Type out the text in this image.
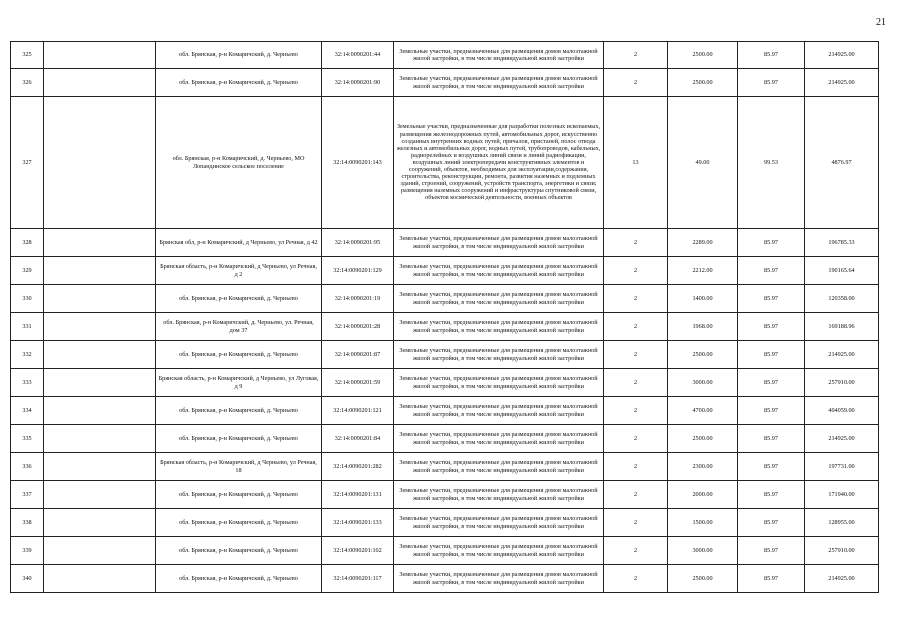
21
325		обл. Брянская, р-н Комаричский, д. Черньево	32:14:0090201:44	Земельные участки, предназначенные для размещения домов малоэтажной жилой застройки, в том числе индивидуальной жилой застройки	2	2500.00	85.97	214925.00
326		обл. Брянская, р-н Комаричский, д. Черньево	32:14:0090201:90	Земельные участки, предназначенные для размещения домов малоэтажной жилой застройки, в том числе индивидуальной жилой застройки	2	2500.00	85.97	214925.00
327		обл. Брянская, р-н Комаричский, д. Черньево, МО Лопандинское сельское поселение	32:14:0090201:143	Земельные участки, предназначенные для разработки полезных ископаемых, размещения железнодорожных путей, автомобильных дорог, искусственно созданных внутренних водных путей, причалов, пристаней, полос отвода железных и автомобильных дорог, водных путей, трубопроводов, кабельных, радиорелейных и воздушных линий связи и линий радиофикации, воздушных линий электропередачи конструктивных элементов и сооружений, объектов, необходимых для эксплуатации,содержания, строительства, реконструкции, ремонта, развития наземных и подземных зданий, строений, сооружений, устройств транспорта, энергетики и связи; размещения наземных сооружений и инфраструктуры спутниковой связи, объектов космической деятельности, военных объектов	13	49.00	99.53	4876.97
328		Брянская обл, р-н Комаричский, д Черньево, ул Речная, д 42	32:14:0090201:95	Земельные участки, предназначенные для размещения домов малоэтажной жилой застройки, в том числе индивидуальной жилой застройки	2	2289.00	85.97	196785.33
329		Брянская область, р-н Комаричский, д Черньево, ул Речная, д 2	32:14:0090201:129	Земельные участки, предназначенные для размещения домов малоэтажной жилой застройки, в том числе индивидуальной жилой застройки	2	2212.00	85.97	190165.64
330		обл. Брянская, р-н Комаричский, д. Черньево	32:14:0090201:19	Земельные участки, предназначенные для размещения домов малоэтажной жилой застройки, в том числе индивидуальной жилой застройки	2	1400.00	85.97	120358.00
331		обл. Брянская, р-н Комаричский, д. Черньево, ул. Речная, дом 37	32:14:0090201:28	Земельные участки, предназначенные для размещения домов малоэтажной жилой застройки, в том числе индивидуальной жилой застройки	2	1968.00	85.97	169188.96
332		обл. Брянская, р-н Комаричский, д. Черньево	32:14:0090201:87	Земельные участки, предназначенные для размещения домов малоэтажной жилой застройки, в том числе индивидуальной жилой застройки	2	2500.00	85.97	214925.00
333		Брянская область, р-н Комаричский, д Черньево, ул Луговая, д 9	32:14:0090201:59	Земельные участки, предназначенные для размещения домов малоэтажной жилой застройки, в том числе индивидуальной жилой застройки	2	3000.00	85.97	257910.00
334		обл. Брянская, р-н Комаричский, д. Черньево	32:14:0090201:121	Земельные участки, предназначенные для размещения домов малоэтажной жилой застройки, в том числе индивидуальной жилой застройки	2	4700.00	85.97	404059.00
335		обл. Брянская, р-н Комаричский, д. Черньево	32:14:0090201:84	Земельные участки, предназначенные для размещения домов малоэтажной жилой застройки, в том числе индивидуальной жилой застройки	2	2500.00	85.97	214925.00
336		Брянская область, р-н Комаричский, д Черньево, ул Речная, 18	32:14:0090201:282	Земельные участки, предназначенные для размещения домов малоэтажной жилой застройки, в том числе индивидуальной жилой застройки	2	2300.00	85.97	197731.00
337		обл. Брянская, р-н Комаричский, д. Черньево	32:14:0090201:131	Земельные участки, предназначенные для размещения домов малоэтажной жилой застройки, в том числе индивидуальной жилой застройки	2	2000.00	85.97	171940.00
338		обл. Брянская, р-н Комаричский, д. Черньево	32:14:0090201:133	Земельные участки, предназначенные для размещения домов малоэтажной жилой застройки, в том числе индивидуальной жилой застройки	2	1500.00	85.97	128955.00
339		обл. Брянская, р-н Комаричский, д. Черньево	32:14:0090201:102	Земельные участки, предназначенные для размещения домов малоэтажной жилой застройки, в том числе индивидуальной жилой застройки	2	3000.00	85.97	257910.00
340		обл. Брянская, р-н Комаричский, д. Черньево	32:14:0090201:117	Земельные участки, предназначенные для размещения домов малоэтажной жилой застройки, в том числе индивидуальной жилой застройки	2	2500.00	85.97	214925.00
